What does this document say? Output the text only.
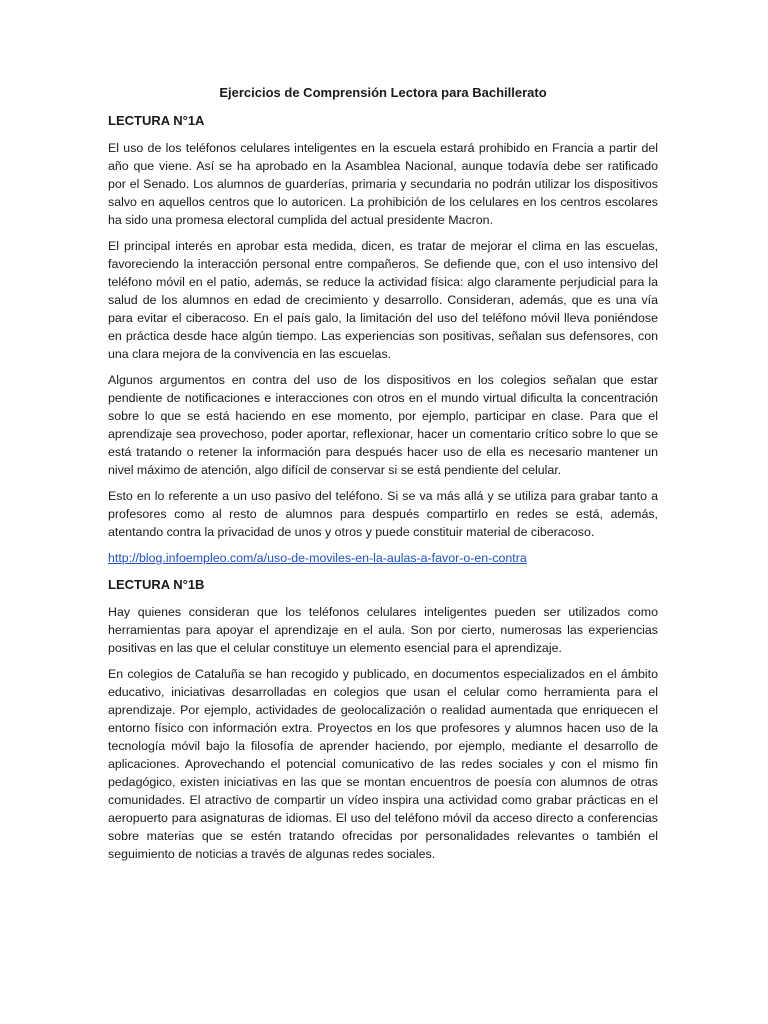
Ejercicios de Comprensión Lectora para Bachillerato
LECTURA N°1A

El uso de los teléfonos celulares inteligentes en la escuela estará prohibido en Francia a partir del año que viene. Así se ha aprobado en la Asamblea Nacional, aunque todavía debe ser ratificado por el Senado. Los alumnos de guarderías, primaria y secundaria no podrán utilizar los dispositivos salvo en aquellos centros que lo autoricen. La prohibición de los celulares en los centros escolares ha sido una promesa electoral cumplida del actual presidente Macron.

El principal interés en aprobar esta medida, dicen, es tratar de mejorar el clima en las escuelas, favoreciendo la interacción personal entre compañeros. Se defiende que, con el uso intensivo del teléfono móvil en el patio, además, se reduce la actividad física: algo claramente perjudicial para la salud de los alumnos en edad de crecimiento y desarrollo. Consideran, además, que es una vía para evitar el ciberacoso. En el país galo, la limitación del uso del teléfono móvil lleva poniéndose en práctica desde hace algún tiempo. Las experiencias son positivas, señalan sus defensores, con una clara mejora de la convivencia en las escuelas.

Algunos argumentos en contra del uso de los dispositivos en los colegios señalan que estar pendiente de notificaciones e interacciones con otros en el mundo virtual dificulta la concentración sobre lo que se está haciendo en ese momento, por ejemplo, participar en clase. Para que el aprendizaje sea provechoso, poder aportar, reflexionar, hacer un comentario crítico sobre lo que se está tratando o retener la información para después hacer uso de ella es necesario mantener un nivel máximo de atención, algo difícil de conservar si se está pendiente del celular.

Esto en lo referente a un uso pasivo del teléfono. Si se va más allá y se utiliza para grabar tanto a profesores como al resto de alumnos para después compartirlo en redes se está, además, atentando contra la privacidad de unos y otros y puede constituir material de ciberacoso.

http://blog.infoempleo.com/a/uso-de-moviles-en-la-aulas-a-favor-o-en-contra
LECTURA N°1B

Hay quienes consideran que los teléfonos celulares inteligentes pueden ser utilizados como herramientas para apoyar el aprendizaje en el aula. Son por cierto, numerosas las experiencias positivas en las que el celular constituye un elemento esencial para el aprendizaje.

En colegios de Cataluña se han recogido y publicado, en documentos especializados en el ámbito educativo, iniciativas desarrolladas en colegios que usan el celular como herramienta para el aprendizaje. Por ejemplo, actividades de geolocalización o realidad aumentada que enriquecen el entorno físico con información extra. Proyectos en los que profesores y alumnos hacen uso de la tecnología móvil bajo la filosofía de aprender haciendo, por ejemplo, mediante el desarrollo de aplicaciones. Aprovechando el potencial comunicativo de las redes sociales y con el mismo fin pedagógico, existen iniciativas en las que se montan encuentros de poesía con alumnos de otras comunidades. El atractivo de compartir un vídeo inspira una actividad como grabar prácticas en el aeropuerto para asignaturas de idiomas. El uso del teléfono móvil da acceso directo a conferencias sobre materias que se estén tratando ofrecidas por personalidades relevantes o también el seguimiento de noticias a través de algunas redes sociales.
